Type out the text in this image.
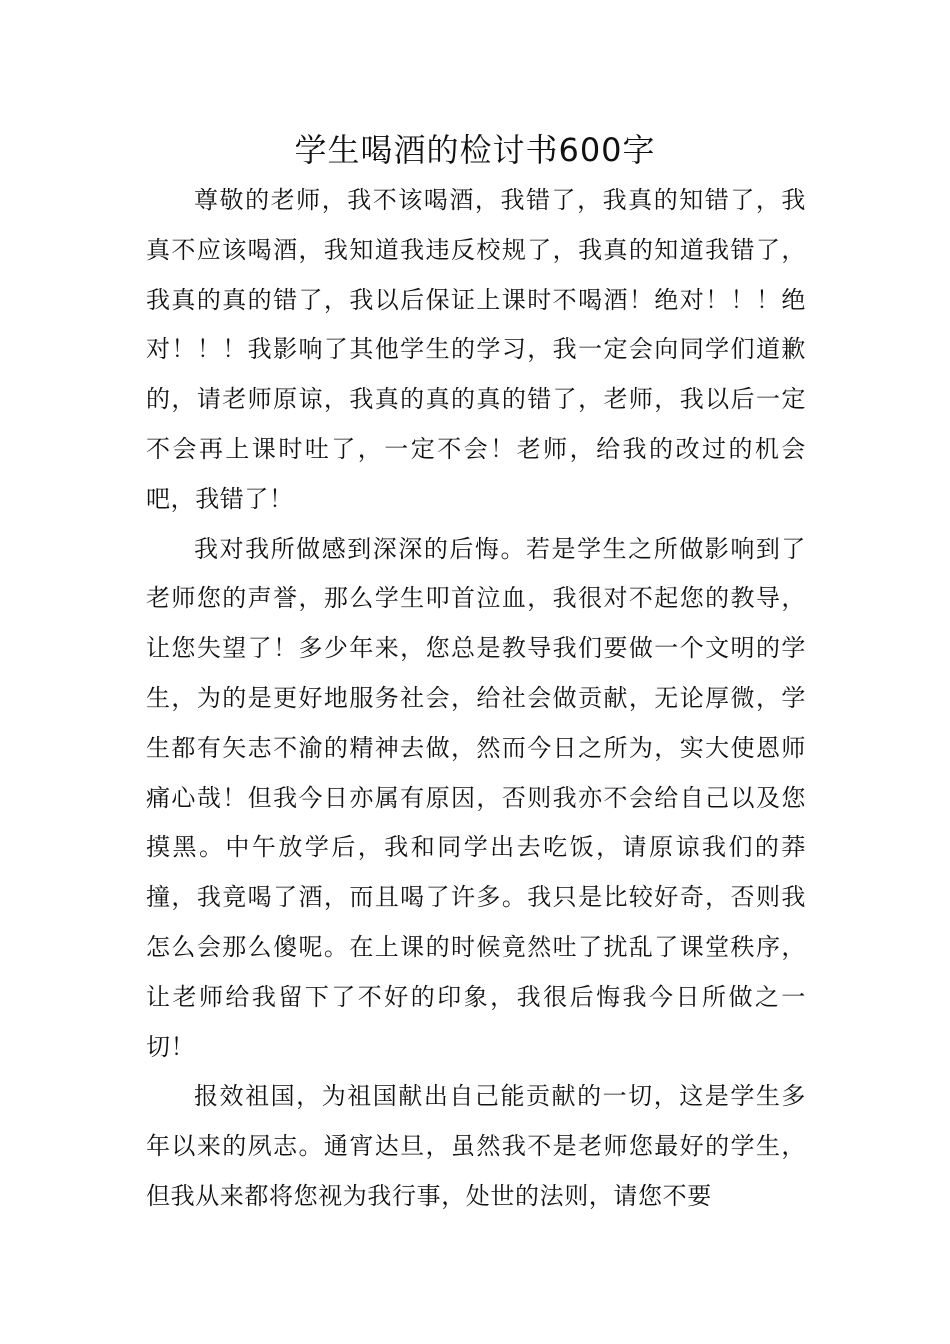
学生喝酒的检讨书600字

尊敬的老师，我不该喝酒，我错了，我真的知错了，我真不应该喝酒，我知道我违反校规了，我真的知道我错了，我真的真的错了，我以后保证上课时不喝酒！绝对！！！绝对！！！我影响了其他学生的学习，我一定会向同学们道歉的，请老师原谅，我真的真的真的错了，老师，我以后一定不会再上课时吐了，一定不会！老师，给我的改过的机会吧，我错了！

我对我所做感到深深的后悔。若是学生之所做影响到了老师您的声誉，那么学生叩首泣血，我很对不起您的教导，让您失望了！多少年来，您总是教导我们要做一个文明的学生，为的是更好地服务社会，给社会做贡献，无论厚微，学生都有矢志不渝的精神去做，然而今日之所为，实大使恩师痛心哉！但我今日亦属有原因，否则我亦不会给自己以及您摸黑。中午放学后，我和同学出去吃饭，请原谅我们的莽撞，我竟喝了酒，而且喝了许多。我只是比较好奇，否则我怎么会那么傻呢。在上课的时候竟然吐了扰乱了课堂秩序，让老师给我留下了不好的印象，我很后悔我今日所做之一切！

报效祖国，为祖国献出自己能贡献的一切，这是学生多年以来的夙志。通宵达旦，虽然我不是老师您最好的学生，但我从来都将您视为我行事，处世的法则，请您不要
